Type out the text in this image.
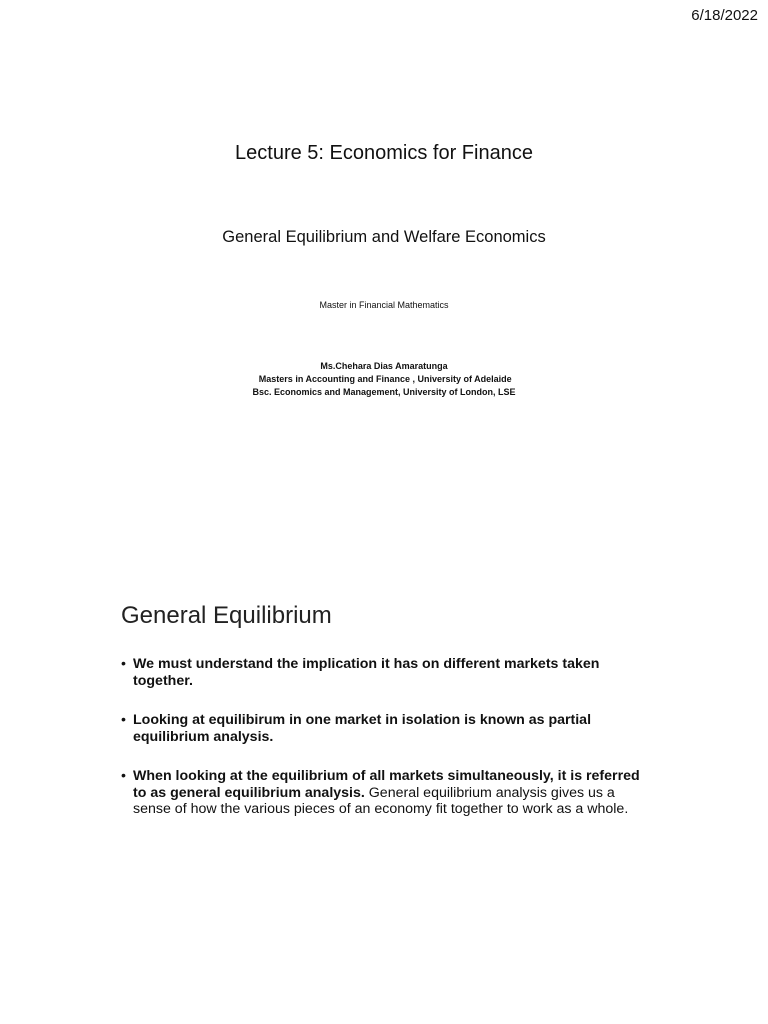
6/18/2022
Lecture 5: Economics for Finance
General Equilibrium and Welfare Economics
Master in Financial Mathematics
Ms.Chehara Dias Amaratunga
Masters in Accounting and Finance , University of Adelaide
Bsc. Economics and Management, University of London, LSE
General Equilibrium
• We must understand the implication it has on different markets taken together.
• Looking at equilibirum in one market in isolation is known as partial equilibrium analysis.
• When looking at the equilibrium of all markets simultaneously, it is referred to as general equilibrium analysis. General equilibrium analysis gives us a sense of how the various pieces of an economy fit together to work as a whole.
